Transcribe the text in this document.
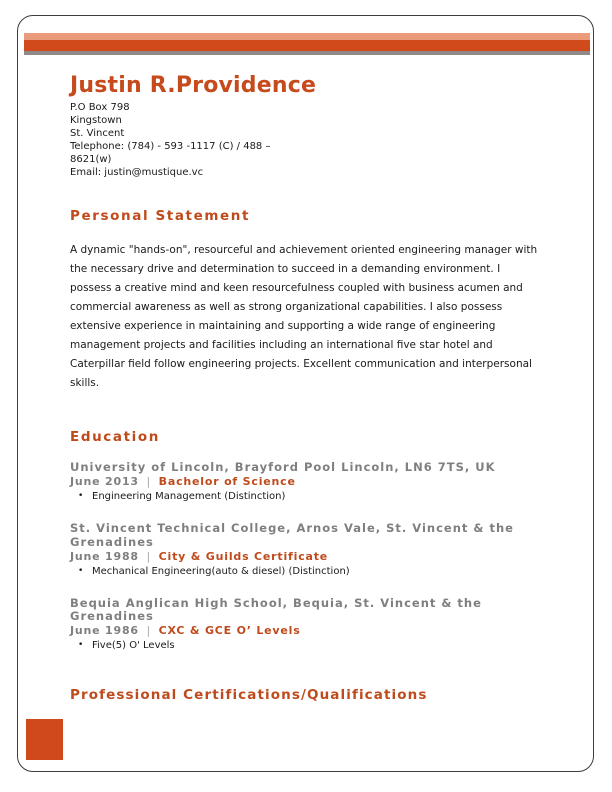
Justin R.Providence
P.O Box 798
Kingstown
St. Vincent
Telephone: (784) - 593 -1117 (C) / 488 –
8621(w)
Email: justin@mustique.vc
Personal Statement

A dynamic "hands-on", resourceful and achievement oriented engineering manager with the necessary drive and determination to succeed in a demanding environment. I possess a creative mind and keen resourcefulness coupled with business acumen and commercial awareness as well as strong organizational capabilities. I also possess extensive experience in maintaining and supporting a wide range of engineering management projects and facilities including an international five star hotel and Caterpillar field follow engineering projects. Excellent communication and interpersonal skills.

Education
University of Lincoln, Brayford Pool Lincoln, LN6 7TS, UK
June 2013 | Bachelor of Science
• Engineering Management (Distinction)
St. Vincent Technical College, Arnos Vale, St. Vincent & the Grenadines
June 1988 | City & Guilds Certificate
• Mechanical Engineering(auto & diesel) (Distinction)
Bequia Anglican High School, Bequia, St. Vincent & the Grenadines
June 1986 | CXC & GCE O’ Levels
• Five(5) O' Levels
Professional Certifications/Qualifications
